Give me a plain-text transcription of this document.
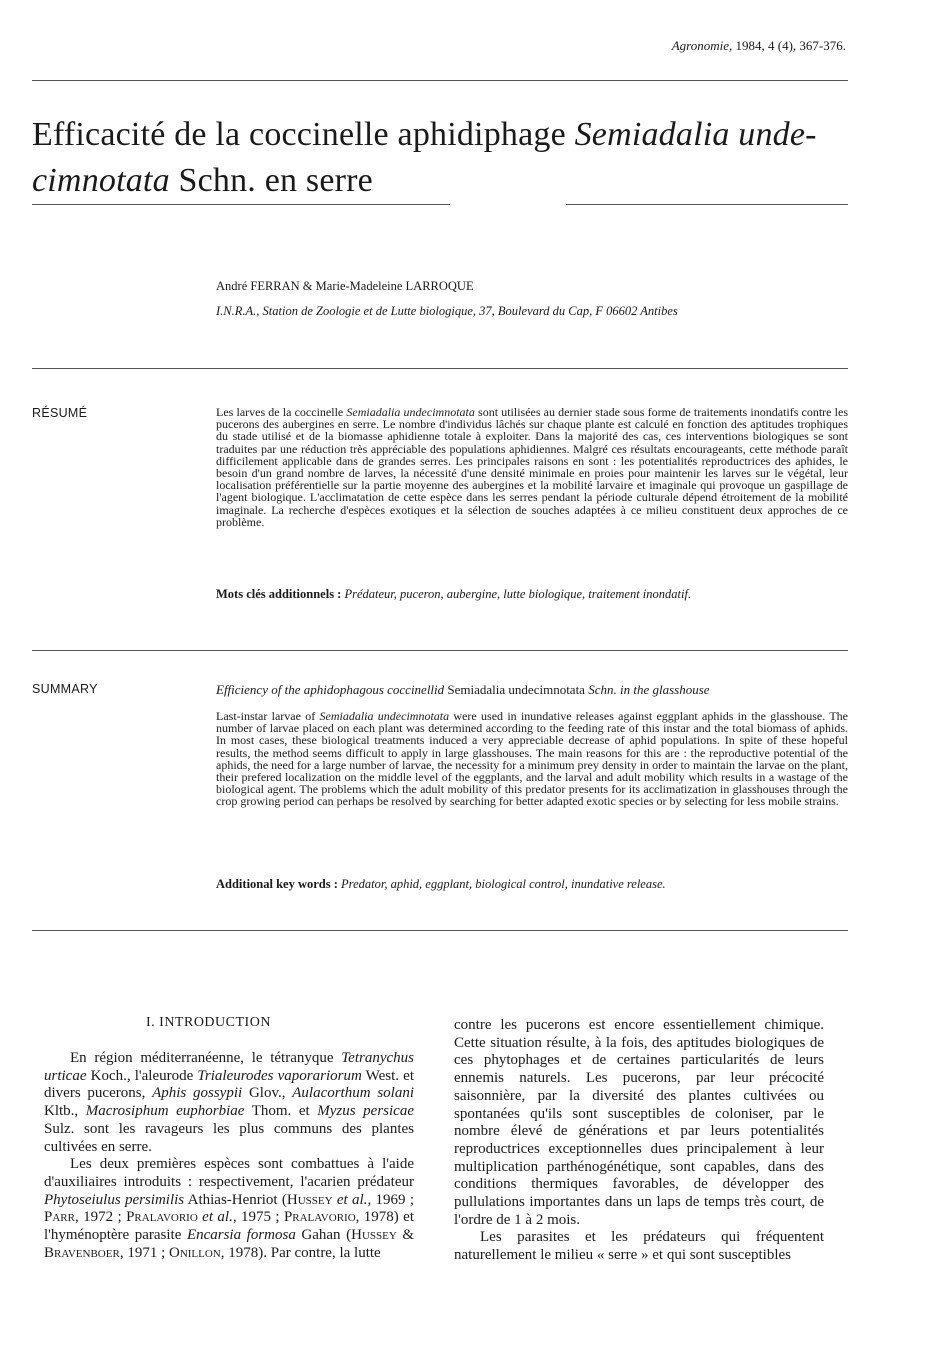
Agronomie, 1984, 4 (4), 367-376.
Efficacité de la coccinelle aphidiphage Semiadalia unde-
cimnotata Schn. en serre
André FERRAN & Marie-Madeleine LARROQUE
I.N.R.A., Station de Zoologie et de Lutte biologique, 37, Boulevard du Cap, F 06602 Antibes
RÉSUMÉ	Les larves de la coccinelle Semiadalia undecimnotata sont utilisées au dernier stade sous forme de traitements inondatifs contre les pucerons des aubergines en serre. Le nombre d'individus lâchés sur chaque plante est calculé en fonction des aptitudes trophiques du stade utilisé et de la biomasse aphidienne totale à exploiter. Dans la majorité des cas, ces interventions biologiques se sont traduites par une réduction très appréciable des populations aphidiennes. Malgré ces résultats encourageants, cette méthode paraît difficilement applicable dans de grandes serres. Les principales raisons en sont : les potentialités reproductrices des aphides, le besoin d'un grand nombre de larves, la nécessité d'une densité minimale en proies pour maintenir les larves sur le végétal, leur localisation préférentielle sur la partie moyenne des aubergines et la mobilité larvaire et imaginale qui provoque un gaspillage de l'agent biologique. L'acclimatation de cette espèce dans les serres pendant la période culturale dépend étroitement de la mobilité imaginale. La recherche d'espèces exotiques et la sélection de souches adaptées à ce milieu constituent deux approches de ce problème.
Mots clés additionnels : Prédateur, puceron, aubergine, lutte biologique, traitement inondatif.
SUMMARY	Efficiency of the aphidophagous coccinellid Semiadalia undecimnotata Schn. in the glasshouse
Last-instar larvae of Semiadalia undecimnotata were used in inundative releases against eggplant aphids in the glasshouse. The number of larvae placed on each plant was determined according to the feeding rate of this instar and the total biomass of aphids. In most cases, these biological treatments induced a very appreciable decrease of aphid populations. In spite of these hopeful results, the method seems difficult to apply in large glasshouses. The main reasons for this are : the reproductive potential of the aphids, the need for a large number of larvae, the necessity for a minimum prey density in order to maintain the larvae on the plant, their prefered localization on the middle level of the eggplants, and the larval and adult mobility which results in a wastage of the biological agent. The problems which the adult mobility of this predator presents for its acclimatization in glasshouses through the crop growing period can perhaps be resolved by searching for better adapted exotic species or by selecting for less mobile strains.
Additional key words : Predator, aphid, eggplant, biological control, inundative release.
I. INTRODUCTION

En région méditerranéenne, le tétranyque Tetranychus urticae Koch., l'aleurode Trialeurodes vaporariorum West. et divers pucerons, Aphis gossypii Glov., Aulacorthum solani Kltb., Macrosiphum euphorbiae Thom. et Myzus persicae Sulz. sont les ravageurs les plus communs des plantes cultivées en serre.

Les deux premières espèces sont combattues à l'aide d'auxiliaires introduits : respectivement, l'acarien prédateur Phytoseiulus persimilis Athias-Henriot (Hussey et al., 1969 ; Parr, 1972 ; Pralavorio et al., 1975 ; Pralavorio, 1978) et l'hyménoptère parasite Encarsia formosa Gahan (Hussey & Bravenboer, 1971 ; Onillon, 1978). Par contre, la lutte

contre les pucerons est encore essentiellement chimique. Cette situation résulte, à la fois, des aptitudes biologiques de ces phytophages et de certaines particularités de leurs ennemis naturels. Les pucerons, par leur précocité saisonnière, par la diversité des plantes cultivées ou spontanées qu'ils sont susceptibles de coloniser, par le nombre élevé de générations et par leurs potentialités reproductrices exceptionnelles dues principalement à leur multiplication parthénogénétique, sont capables, dans des conditions thermiques favorables, de développer des pullulations importantes dans un laps de temps très court, de l'ordre de 1 à 2 mois.

Les parasites et les prédateurs qui fréquentent naturellement le milieu « serre » et qui sont susceptibles
